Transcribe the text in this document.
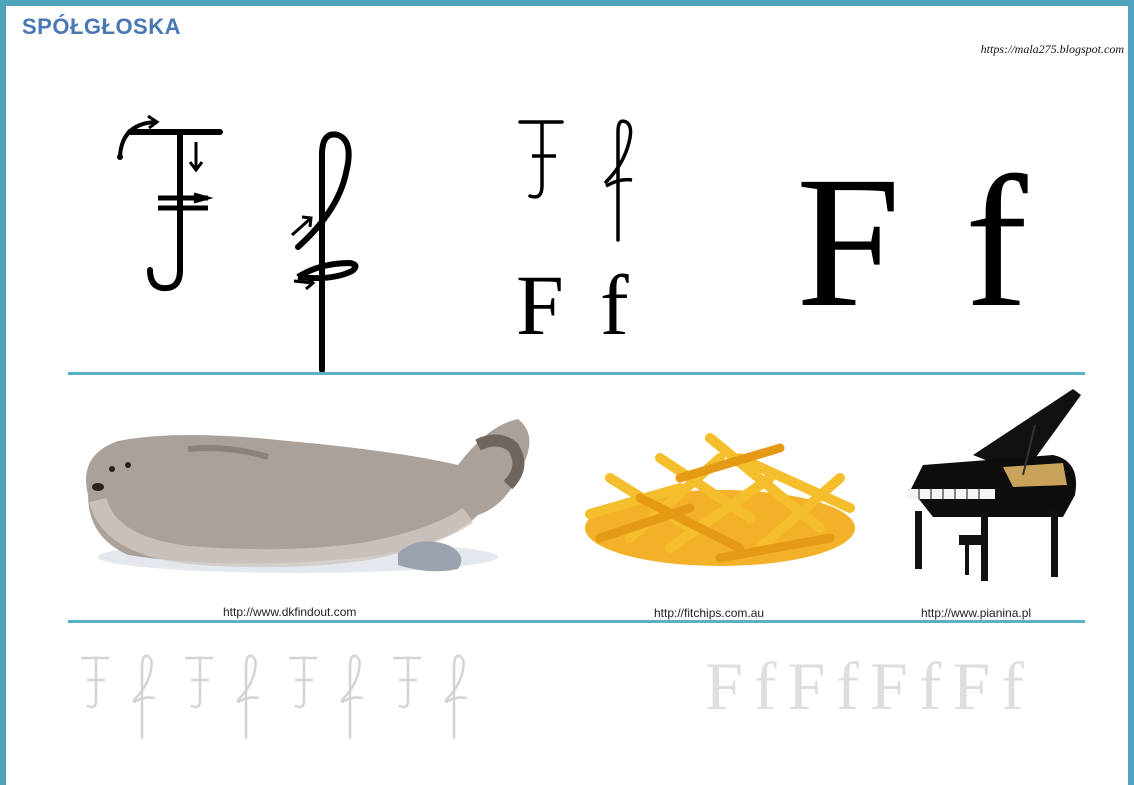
SPÓŁGŁOSKA
https://mala275.blogspot.com
F f F f
http://www.dkfindout.com	http://fitchips.com.au	http://www.pianina.pl
F f F f F f F f
